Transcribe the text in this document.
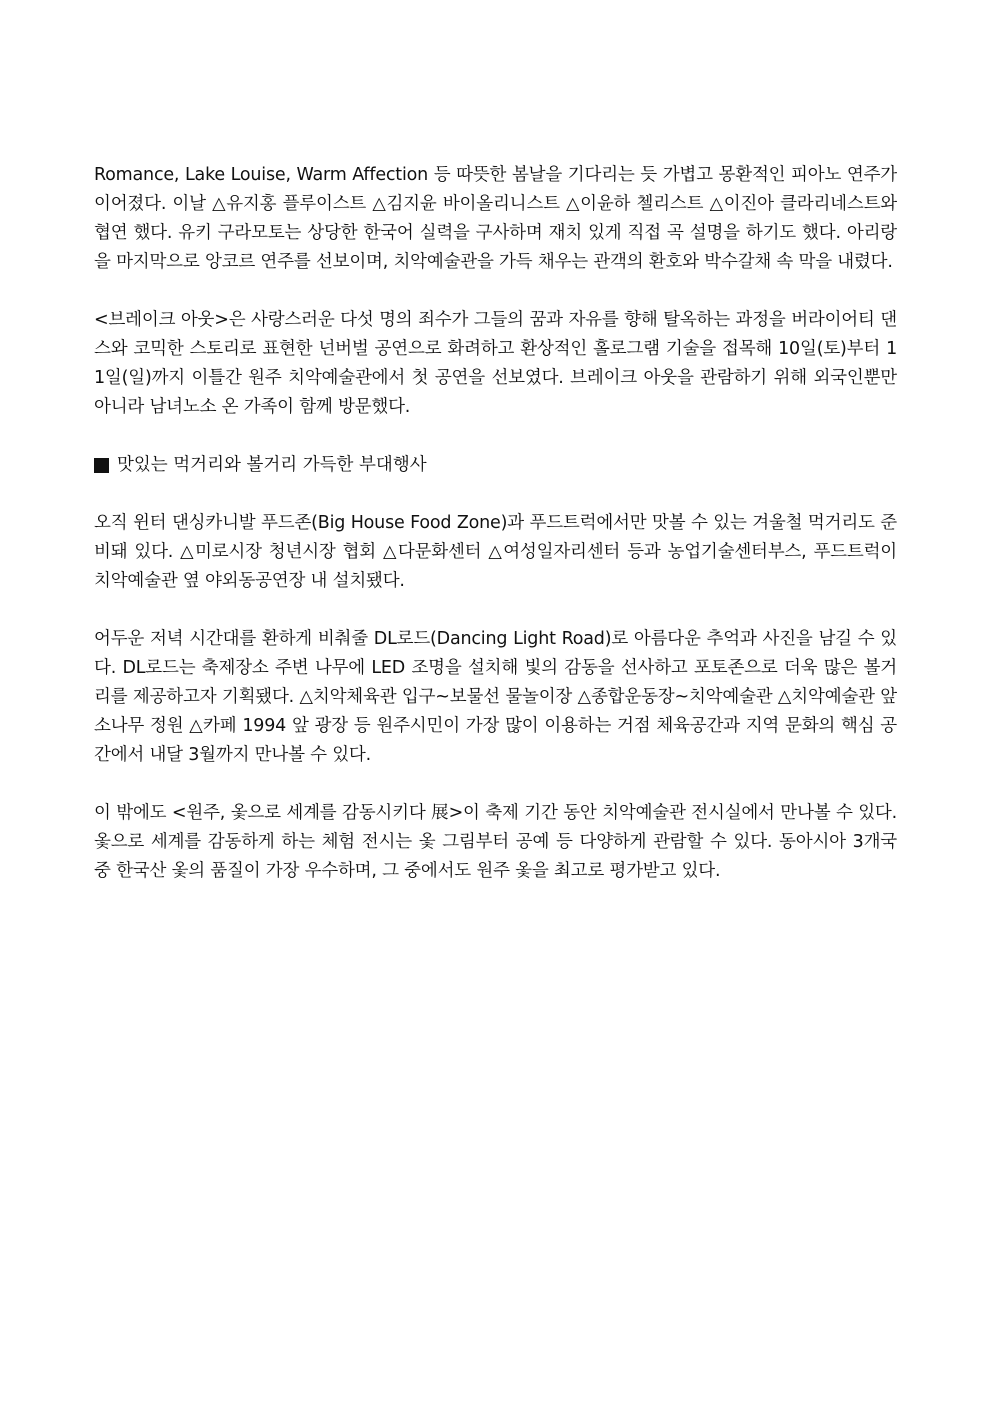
Romance, Lake Louise, Warm Affection 등 따뜻한 봄날을 기다리는 듯 가볍고 몽환적인 피아노 연주가 이어졌다. 이날 △유지홍 플루이스트 △김지윤 바이올리니스트 △이윤하 첼리스트 △이진아 클라리네스트와 협연 했다. 유키 구라모토는 상당한 한국어 실력을 구사하며 재치 있게 직접 곡 설명을 하기도 했다. 아리랑을 마지막으로 앙코르 연주를 선보이며, 치악예술관을 가득 채우는 관객의 환호와 박수갈채 속 막을 내렸다.

<브레이크 아웃>은 사랑스러운 다섯 명의 죄수가 그들의 꿈과 자유를 향해 탈옥하는 과정을 버라이어티 댄스와 코믹한 스토리로 표현한 넌버벌 공연으로 화려하고 환상적인 홀로그램 기술을 접목해 10일(토)부터 11일(일)까지 이틀간 원주 치악예술관에서 첫 공연을 선보였다. 브레이크 아웃을 관람하기 위해 외국인뿐만 아니라 남녀노소 온 가족이 함께 방문했다.

맛있는 먹거리와 볼거리 가득한 부대행사

오직 윈터 댄싱카니발 푸드존(Big House Food Zone)과 푸드트럭에서만 맛볼 수 있는 겨울철 먹거리도 준비돼 있다. △미로시장 청년시장 협회 △다문화센터 △여성일자리센터 등과 농업기술센터부스, 푸드트럭이 치악예술관 옆 야외동공연장 내 설치됐다.

어두운 저녁 시간대를 환하게 비춰줄 DL로드(Dancing Light Road)로 아름다운 추억과 사진을 남길 수 있다. DL로드는 축제장소 주변 나무에 LED 조명을 설치해 빛의 감동을 선사하고 포토존으로 더욱 많은 볼거리를 제공하고자 기획됐다. △치악체육관 입구~보물선 물놀이장 △종합운동장~치악예술관 △치악예술관 앞 소나무 정원 △카페 1994 앞 광장 등 원주시민이 가장 많이 이용하는 거점 체육공간과 지역 문화의 핵심 공간에서 내달 3월까지 만나볼 수 있다.

이 밖에도 <원주, 옻으로 세계를 감동시키다 展>이 축제 기간 동안 치악예술관 전시실에서 만나볼 수 있다. 옻으로 세계를 감동하게 하는 체험 전시는 옻 그림부터 공예 등 다양하게 관람할 수 있다. 동아시아 3개국 중 한국산 옻의 품질이 가장 우수하며, 그 중에서도 원주 옻을 최고로 평가받고 있다.
